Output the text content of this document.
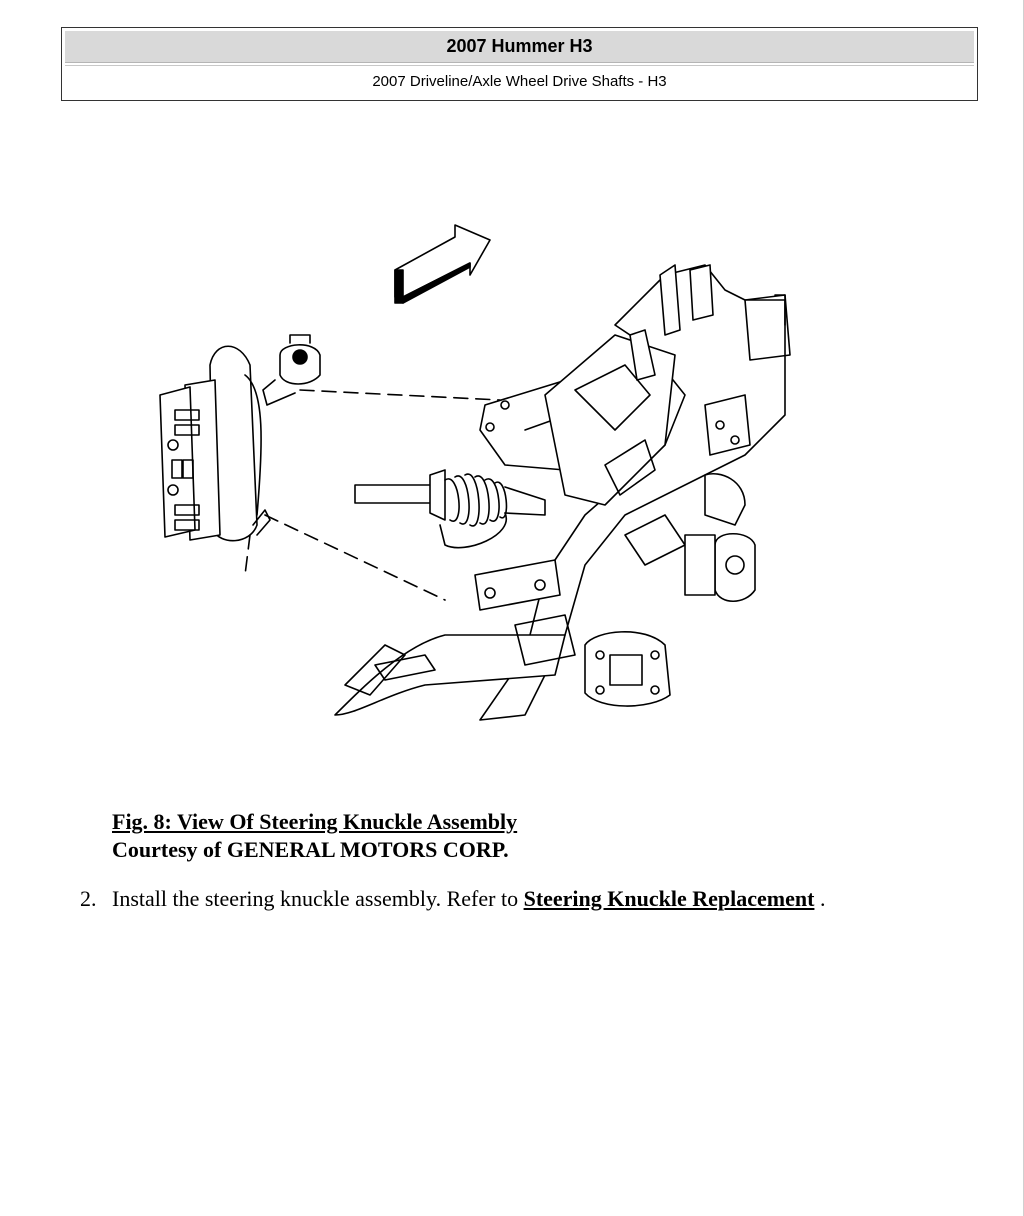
2007 Hummer H3
2007 Driveline/Axle Wheel Drive Shafts - H3
Fig. 8: View Of Steering Knuckle Assembly
Courtesy of GENERAL MOTORS CORP.
2. Install the steering knuckle assembly. Refer to Steering Knuckle Replacement .
